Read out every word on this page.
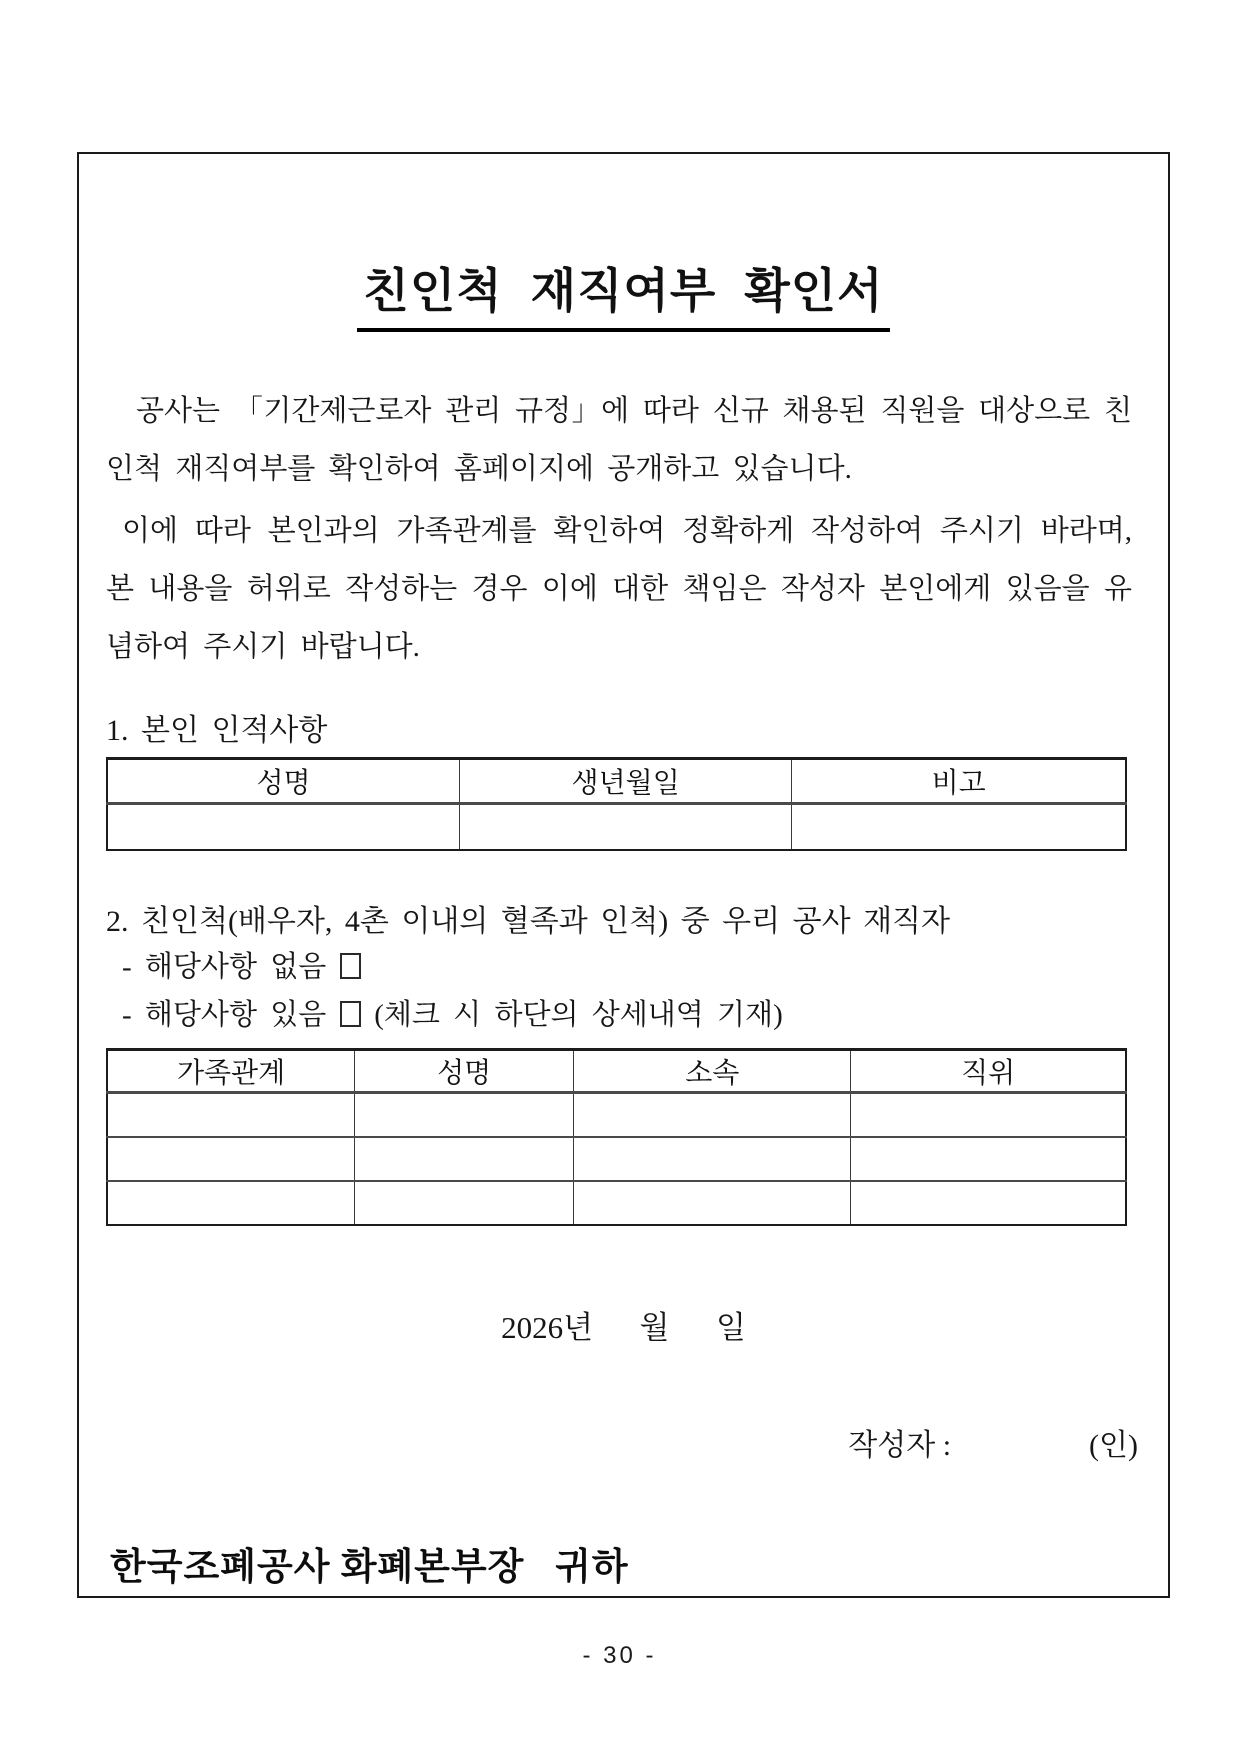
친인척 재직여부 확인서
공사는 「기간제근로자 관리 규정」에 따라 신규 채용된 직원을 대상으로 친인척 재직여부를 확인하여 홈페이지에 공개하고 있습니다.
이에 따라 본인과의 가족관계를 확인하여 정확하게 작성하여 주시기 바라며, 본 내용을 허위로 작성하는 경우 이에 대한 책임은 작성자 본인에게 있음을 유념하여 주시기 바랍니다.
1. 본인 인적사항
성명	생년월일	비고

2. 친인척(배우자, 4촌 이내의 혈족과 인척) 중 우리 공사 재직자
- 해당사항 없음
- 해당사항 있음 (체크 시 하단의 상세내역 기재)
가족관계	성명	소속	직위

2026년      월      일
작성자 :	(인)
한국조폐공사 화폐본부장   귀하
- 30 -
